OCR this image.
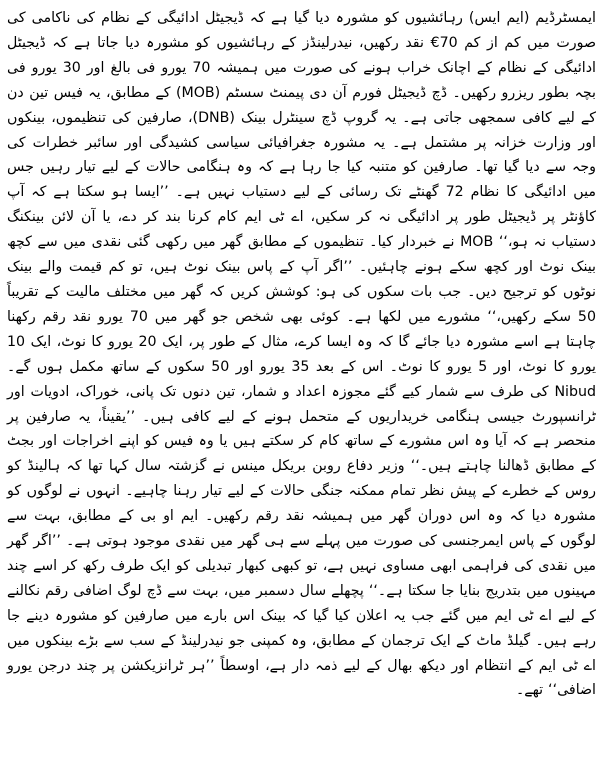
ایمسٹرڈیم (ایم ایس) رہائشیوں کو مشورہ دیا گیا ہے کہ ڈیجیٹل ادائیگی کے نظام کی ناکامی کی صورت میں کم از کم 70€ نقد رکھیں، نیدرلینڈز کے رہائشیوں کو مشورہ دیا جاتا ہے کہ ڈیجیٹل ادائیگی کے نظام کے اچانک خراب ہونے کی صورت میں ہمیشہ 70 یورو فی بالغ اور 30 یورو فی بچہ بطور ریزرو رکھیں۔ ڈچ ڈیجیٹل فورم آن دی پیمنٹ سسٹم (MOB) کے مطابق، یہ فیس تین دن کے لیے کافی سمجھی جاتی ہے۔ یہ گروپ ڈچ سینٹرل بینک (DNB)، صارفین کی تنظیموں، بینکوں اور وزارت خزانہ پر مشتمل ہے۔ یہ مشورہ جغرافیائی سیاسی کشیدگی اور سائبر خطرات کی وجہ سے دیا گیا تھا۔ صارفین کو متنبہ کیا جا رہا ہے کہ وہ ہنگامی حالات کے لیے تیار رہیں جس میں ادائیگی کا نظام 72 گھنٹے تک رسائی کے لیے دستیاب نہیں ہے۔ ’’ایسا ہو سکتا ہے کہ آپ کاؤنٹر پر ڈیجیٹل طور پر ادائیگی نہ کر سکیں، اے ٹی ایم کام کرنا بند کر دے، یا آن لائن بینکنگ دستیاب نہ ہو،‘‘ MOB نے خبردار کیا۔ تنظیموں کے مطابق گھر میں رکھی گئی نقدی میں سے کچھ بینک نوٹ اور کچھ سکے ہونے چاہئیں۔ ’’اگر آپ کے پاس بینک نوٹ ہیں، تو کم قیمت والے بینک نوٹوں کو ترجیح دیں۔ جب بات سکوں کی ہو: کوشش کریں کہ گھر میں مختلف مالیت کے تقریباً 50 سکے رکھیں،‘‘ مشورے میں لکھا ہے۔ کوئی بھی شخص جو گھر میں 70 یورو نقد رقم رکھنا چاہتا ہے اسے مشورہ دیا جائے گا کہ وہ ایسا کرے، مثال کے طور پر، ایک 20 یورو کا نوٹ، ایک 10 یورو کا نوٹ، اور 5 یورو کا نوٹ۔ اس کے بعد 35 یورو اور 50 سکوں کے ساتھ مکمل ہوں گے۔ Nibud کی طرف سے شمار کیے گئے مجوزہ اعداد و شمار، تین دنوں تک پانی، خوراک، ادویات اور ٹرانسپورٹ جیسی ہنگامی خریداریوں کے متحمل ہونے کے لیے کافی ہیں۔ ’’یقیناً، یہ صارفین پر منحصر ہے کہ آیا وہ اس مشورے کے ساتھ کام کر سکتے ہیں یا وہ فیس کو اپنے اخراجات اور بجٹ کے مطابق ڈھالنا چاہتے ہیں۔‘‘ وزیر دفاع روبن بریکل مینس نے گزشتہ سال کہا تھا کہ ہالینڈ کو روس کے خطرے کے پیش نظر تمام ممکنہ جنگی حالات کے لیے تیار رہنا چاہیے۔ انہوں نے لوگوں کو مشورہ دیا کہ وہ اس دوران گھر میں ہمیشہ نقد رقم رکھیں۔ ایم او بی کے مطابق، بہت سے لوگوں کے پاس ایمرجنسی کی صورت میں پہلے سے ہی گھر میں نقدی موجود ہوتی ہے۔ ’’اگر گھر میں نقدی کی فراہمی ابھی مساوی نہیں ہے، تو کبھی کبھار تبدیلی کو ایک طرف رکھ کر اسے چند مہینوں میں بتدریج بنایا جا سکتا ہے۔‘‘ پچھلے سال دسمبر میں، بہت سے ڈچ لوگ اضافی رقم نکالنے کے لیے اے ٹی ایم میں گئے جب یہ اعلان کیا گیا کہ بینک اس بارے میں صارفین کو مشورہ دینے جا رہے ہیں۔ گیلڈ ماٹ کے ایک ترجمان کے مطابق، وہ کمپنی جو نیدرلینڈ کے سب سے بڑے بینکوں میں اے ٹی ایم کے انتظام اور دیکھ بھال کے لیے ذمہ دار ہے، اوسطاً ’’ہر ٹرانزیکشن پر چند درجن یورو اضافی‘‘ تھے۔
